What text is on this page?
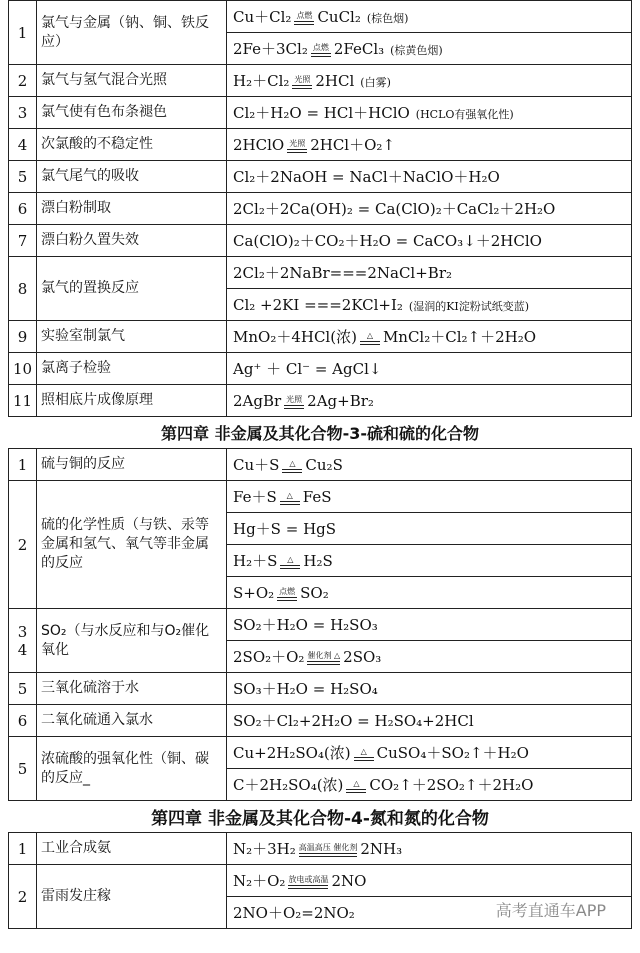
1	氯气与金属（钠、铜、铁反应）	Cu＋Cl₂ 点燃 CuCl₂ (棕色烟)
		2Fe＋3Cl₂ 点燃 2FeCl₃ (棕黄色烟)
2	氯气与氢气混合光照	H₂＋Cl₂ 光照 2HCl (白雾)
3	氯气使有色布条褪色	Cl₂＋H₂O = HCl＋HClO (HCLO有强氧化性)
4	次氯酸的不稳定性	2HClO 光照 2HCl＋O₂↑
5	氯气尾气的吸收	Cl₂＋2NaOH = NaCl＋NaClO＋H₂O
6	漂白粉制取	2Cl₂＋2Ca(OH)₂ = Ca(ClO)₂＋CaCl₂＋2H₂O
7	漂白粉久置失效	Ca(ClO)₂＋CO₂＋H₂O = CaCO₃↓＋2HClO
8	氯气的置换反应	2Cl₂＋2NaBr===2NaCl+Br₂
		Cl₂ +2KI ===2KCl+I₂ (湿润的KI淀粉试纸变蓝)
9	实验室制氯气	MnO₂＋4HCl(浓) △ MnCl₂＋Cl₂↑＋2H₂O
10	氯离子检验	Ag⁺ ＋ Cl⁻ = AgCl↓
11	照相底片成像原理	2AgBr 光照 2Ag+Br₂
第四章 非金属及其化合物-3-硫和硫的化合物		
1	硫与铜的反应	Cu＋S △ Cu₂S
2	硫的化学性质（与铁、汞等金属和氢气、氧气等非金属的反应	Fe＋S △ FeS
		Hg＋S = HgS
		H₂＋S △ H₂S
		S+O₂ 点燃 SO₂
3
4	SO₂（与水反应和与O₂催化氧化	SO₂＋H₂O = H₂SO₃
		2SO₂＋O₂ 催化剂 △ 2SO₃
5	三氧化硫溶于水	SO₃＋H₂O = H₂SO₄
6	二氧化硫通入氯水	SO₂＋Cl₂+2H₂O = H₂SO₄+2HCl
5	浓硫酸的强氧化性（铜、碳的反应_	Cu+2H₂SO₄(浓) △ CuSO₄＋SO₂↑＋H₂O
		C＋2H₂SO₄(浓) △ CO₂↑＋2SO₂↑＋2H₂O
第四章 非金属及其化合物-4-氮和氮的化合物		
1	工业合成氨	N₂＋3H₂ 高温高压 催化剂 2NH₃
2	雷雨发庄稼	N₂＋O₂ 放电或高温 2NO
		2NO＋O₂=2NO₂	高考直通车APP
